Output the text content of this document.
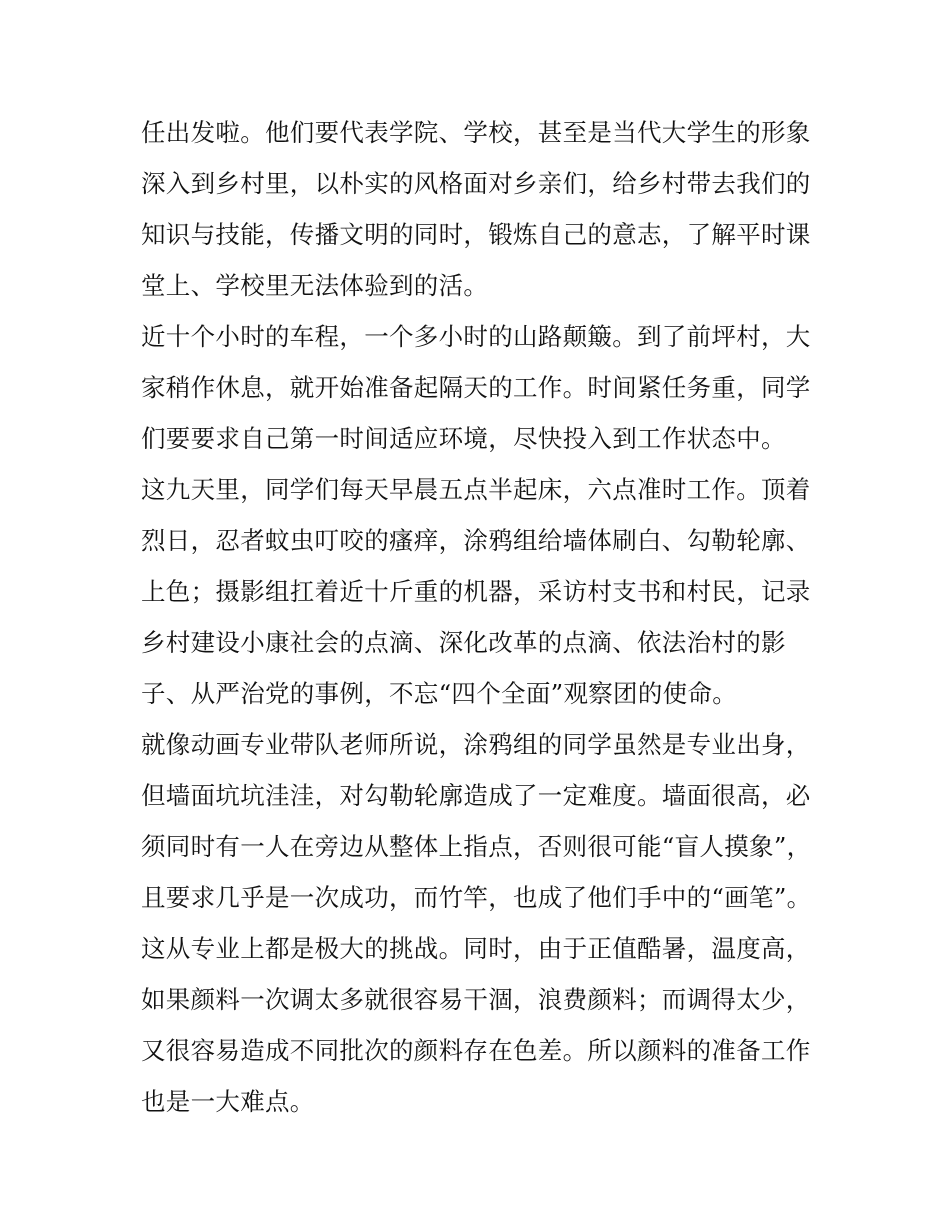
任出发啦。他们要代表学院、学校，甚至是当代大学生的形象
深入到乡村里，以朴实的风格面对乡亲们，给乡村带去我们的
知识与技能，传播文明的同时，锻炼自己的意志，了解平时课
堂上、学校里无法体验到的活。
近十个小时的车程，一个多小时的山路颠簸。到了前坪村，大
家稍作休息，就开始准备起隔天的工作。时间紧任务重，同学
们要要求自己第一时间适应环境，尽快投入到工作状态中。
这九天里，同学们每天早晨五点半起床，六点准时工作。顶着
烈日，忍者蚊虫叮咬的瘙痒，涂鸦组给墙体刷白、勾勒轮廓、
上色；摄影组扛着近十斤重的机器，采访村支书和村民，记录
乡村建设小康社会的点滴、深化改革的点滴、依法治村的影
子、从严治党的事例，不忘“四个全面”观察团的使命。
就像动画专业带队老师所说，涂鸦组的同学虽然是专业出身，
但墙面坑坑洼洼，对勾勒轮廓造成了一定难度。墙面很高，必
须同时有一人在旁边从整体上指点，否则很可能“盲人摸象”，
且要求几乎是一次成功，而竹竿，也成了他们手中的“画笔”。
这从专业上都是极大的挑战。同时，由于正值酷暑，温度高，
如果颜料一次调太多就很容易干涸，浪费颜料；而调得太少，
又很容易造成不同批次的颜料存在色差。所以颜料的准备工作
也是一大难点。
